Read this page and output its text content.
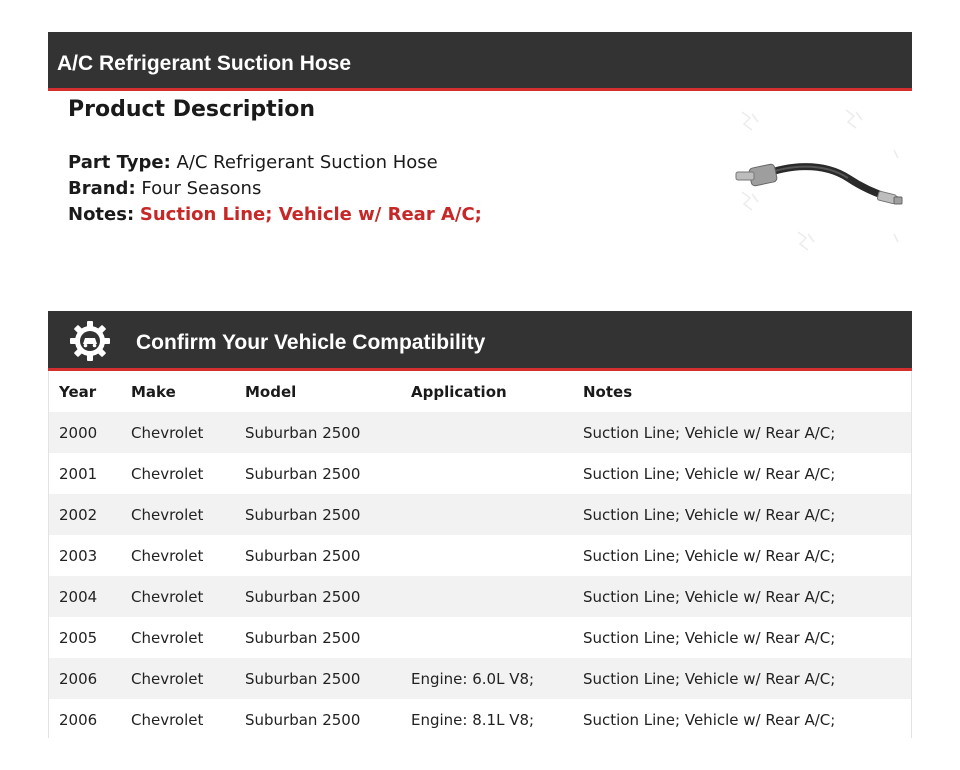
A/C Refrigerant Suction Hose
Product Description
Part Type: A/C Refrigerant Suction Hose
Brand: Four Seasons
Notes: Suction Line; Vehicle w/ Rear A/C;
Confirm Your Vehicle Compatibility
Year	Make	Model	Application	Notes
2000	Chevrolet	Suburban 2500		Suction Line; Vehicle w/ Rear A/C;
2001	Chevrolet	Suburban 2500		Suction Line; Vehicle w/ Rear A/C;
2002	Chevrolet	Suburban 2500		Suction Line; Vehicle w/ Rear A/C;
2003	Chevrolet	Suburban 2500		Suction Line; Vehicle w/ Rear A/C;
2004	Chevrolet	Suburban 2500		Suction Line; Vehicle w/ Rear A/C;
2005	Chevrolet	Suburban 2500		Suction Line; Vehicle w/ Rear A/C;
2006	Chevrolet	Suburban 2500	Engine: 6.0L V8;	Suction Line; Vehicle w/ Rear A/C;
2006	Chevrolet	Suburban 2500	Engine: 8.1L V8;	Suction Line; Vehicle w/ Rear A/C;
